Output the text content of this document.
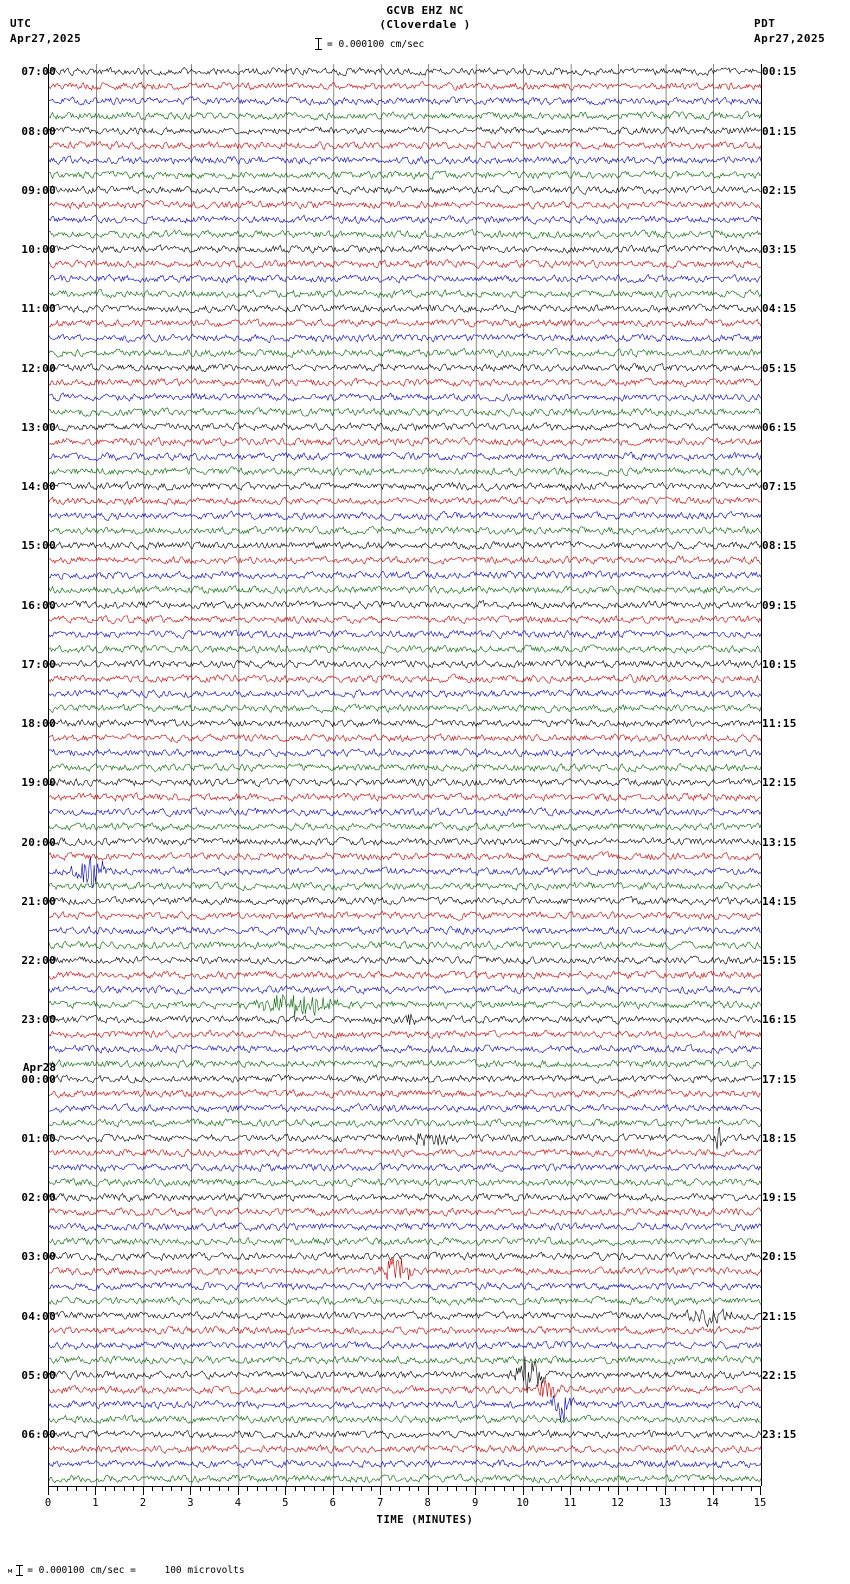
UTC
Apr27,2025
GCVB EHZ NC
(Cloverdale )
= 0.000100 cm/sec
PDT
Apr27,2025
07:00	00:15
08:00	01:15
09:00	02:15
10:00	03:15
11:00	04:15
12:00	05:15
13:00	06:15
14:00	07:15
15:00	08:15
16:00	09:15
17:00	10:15
18:00	11:15
19:00	12:15
20:00	13:15
21:00	14:15
22:00	15:15
23:00	16:15
00:00	17:15
01:00	18:15
02:00	19:15
03:00	20:15
04:00	21:15
05:00	22:15
06:00	23:15
Apr28
0	1	2	3	4	5	6	7	8	9	10	11	12	13	14	15
TIME (MINUTES)
м = 0.000100 cm/sec =     100 microvolts
